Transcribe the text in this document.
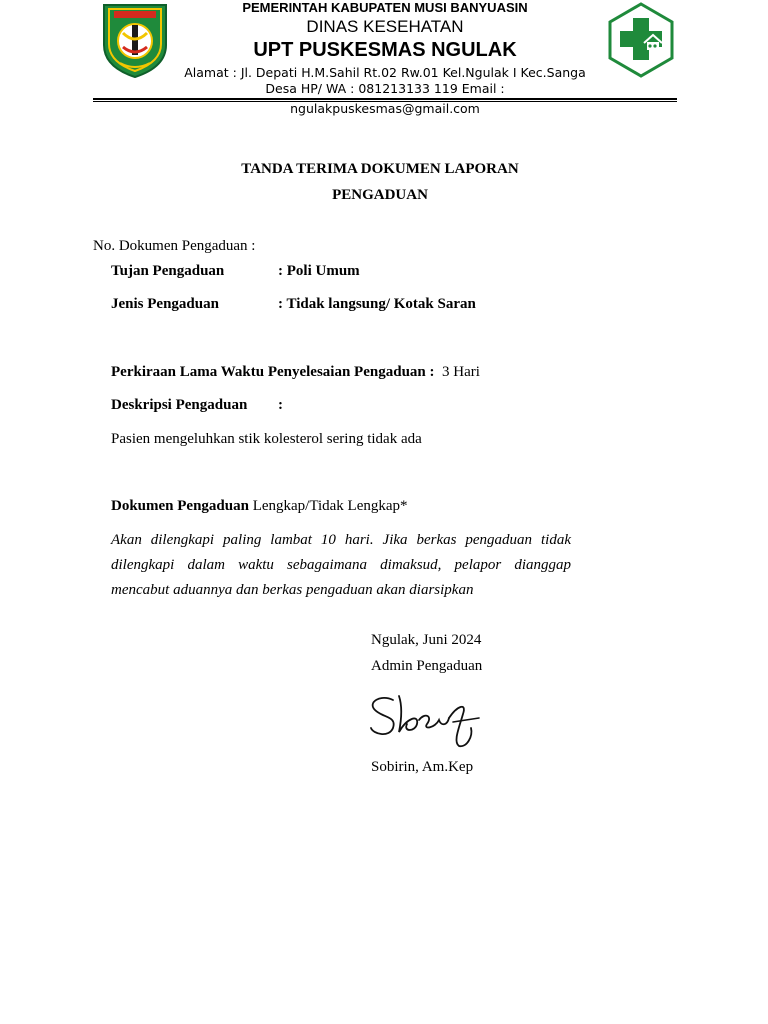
PEMERINTAH KABUPATEN MUSI BANYUASIN
DINAS KESEHATAN
UPT PUSKESMAS NGULAK
Alamat : Jl. Depati H.M.Sahil Rt.02 Rw.01 Kel.Ngulak I Kec.Sanga
Desa HP/ WA : 081213133 119 Email :
ngulakpuskesmas@gmail.com
TANDA TERIMA DOKUMEN LAPORAN
PENGADUAN
No. Dokumen Pengaduan :
Tujan Pengaduan	: Poli Umum
Jenis Pengaduan	: Tidak langsung/ Kotak Saran
Perkiraan Lama Waktu Penyelesaian Pengaduan : 3 Hari
Deskripsi Pengaduan :
Pasien mengeluhkan stik kolesterol sering tidak ada
Dokumen Pengaduan Lengkap/Tidak Lengkap*
Akan dilengkapi paling lambat 10 hari. Jika berkas pengaduan tidak dilengkapi dalam waktu sebagaimana dimaksud, pelapor dianggap mencabut aduannya dan berkas pengaduan akan diarsipkan
Ngulak, Juni 2024
Admin Pengaduan
Sobirin, Am.Kep
